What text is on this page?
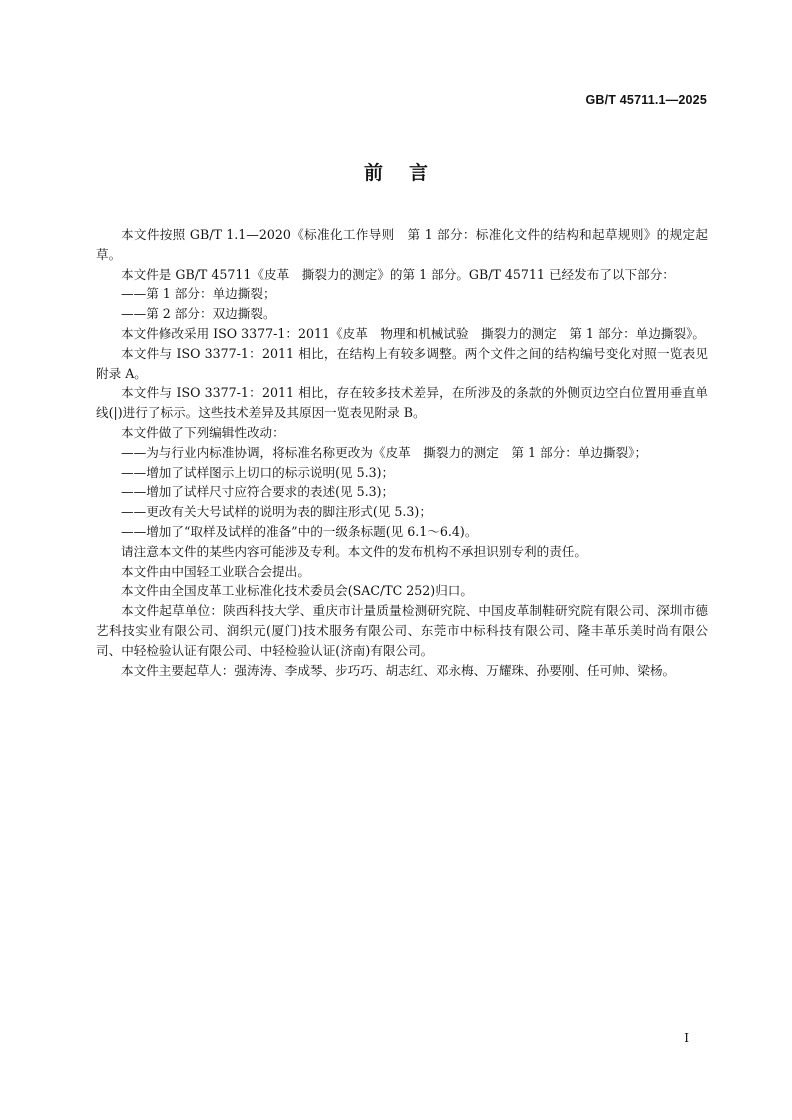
GB/T 45711.1—2025
前言

本文件按照 GB/T 1.1—2020《标准化工作导则　第 1 部分：标准化文件的结构和起草规则》的规定起草。

本文件是 GB/T 45711《皮革　撕裂力的测定》的第 1 部分。GB/T 45711 已经发布了以下部分：

——第 1 部分：单边撕裂；

——第 2 部分：双边撕裂。

本文件修改采用 ISO 3377-1：2011《皮革　物理和机械试验　撕裂力的测定　第 1 部分：单边撕裂》。

本文件与 ISO 3377-1：2011 相比，在结构上有较多调整。两个文件之间的结构编号变化对照一览表见附录 A。

本文件与 ISO 3377-1：2011 相比，存在较多技术差异，在所涉及的条款的外侧页边空白位置用垂直单线(|)进行了标示。这些技术差异及其原因一览表见附录 B。

本文件做了下列编辑性改动：

——为与行业内标准协调，将标准名称更改为《皮革　撕裂力的测定　第 1 部分：单边撕裂》；

——增加了试样图示上切口的标示说明(见 5.3)；

——增加了试样尺寸应符合要求的表述(见 5.3)；

——更改有关大号试样的说明为表的脚注形式(见 5.3)；

——增加了“取样及试样的准备”中的一级条标题(见 6.1～6.4)。

请注意本文件的某些内容可能涉及专利。本文件的发布机构不承担识别专利的责任。

本文件由中国轻工业联合会提出。

本文件由全国皮革工业标准化技术委员会(SAC/TC 252)归口。

本文件起草单位：陕西科技大学、重庆市计量质量检测研究院、中国皮革制鞋研究院有限公司、深圳市德艺科技实业有限公司、润织元(厦门)技术服务有限公司、东莞市中标科技有限公司、隆丰革乐美时尚有限公司、中轻检验认证有限公司、中轻检验认证(济南)有限公司。

本文件主要起草人：强涛涛、李成琴、步巧巧、胡志红、邓永梅、万耀珠、孙要刚、任可帅、梁杨。

I
